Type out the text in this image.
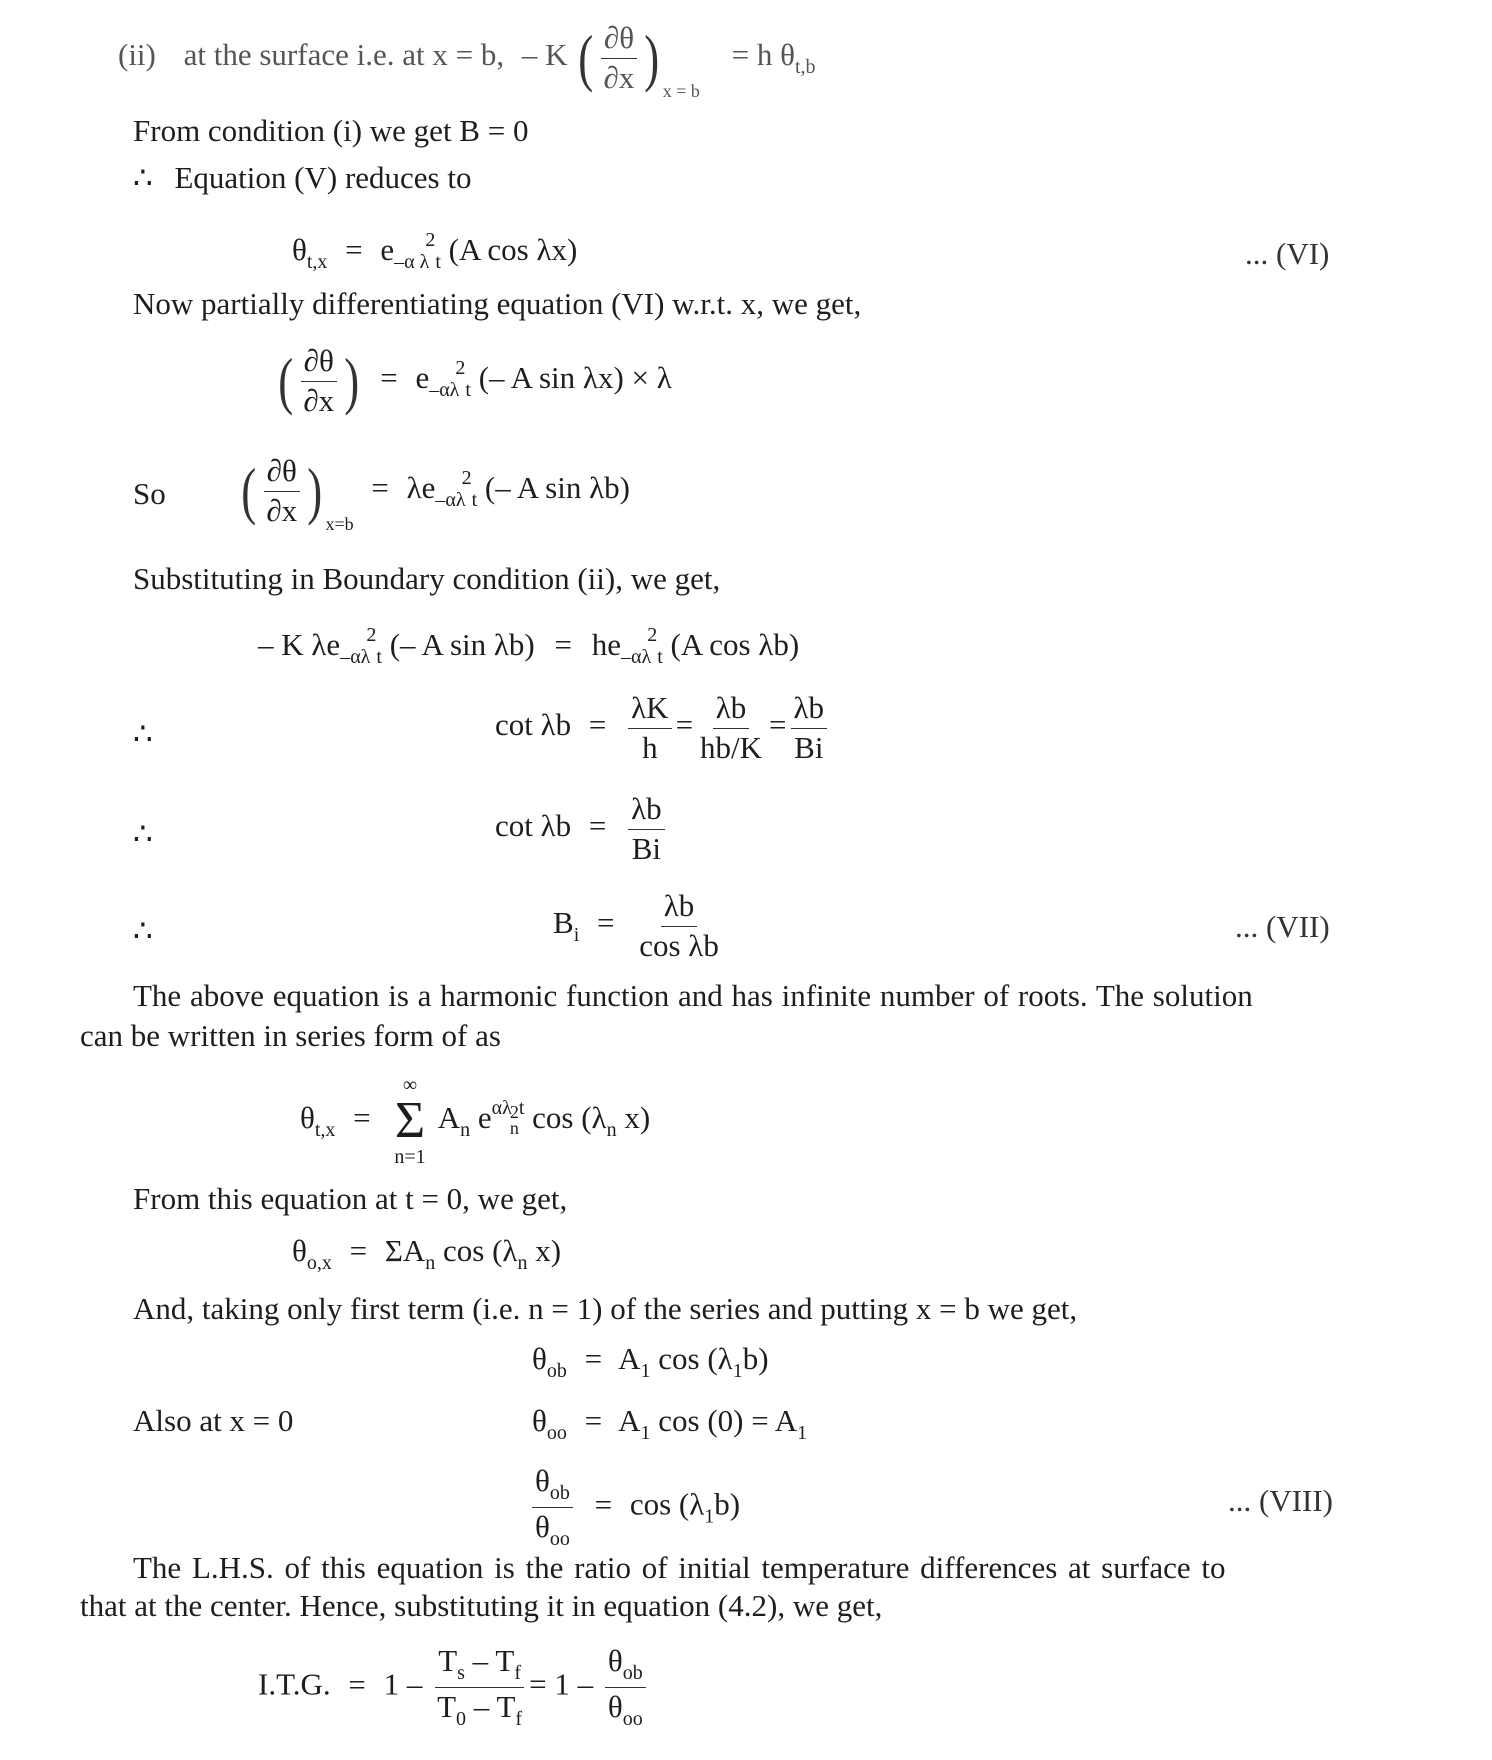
(ii) at the surface i.e. at x = b, – K ( $\frac{\partial\theta}{\partial x}$ ) $_{x = b}$ = h $\theta_{t,b}$
From condition (i) we get B = 0
∴ Equation (V) reduces to
$\theta_{t,x} = e_{-\alpha \lambda}^2_t$ (A cos λx)	... (VI)
Now partially differentiating equation (VI) w.r.t. x, we get,
( $\frac{\partial\theta}{\partial x}$ ) = $e_{-\alpha\lambda}^2_t$ (– A sin λx) × λ
So ( $\frac{\partial\theta}{\partial x}$ ) $_{x=b} = \lambda e_{-\alpha\lambda}^2_t$ (– A sin λb)
Substituting in Boundary condition (ii), we get,
– K $\lambda e_{-\alpha\lambda}^2_t$ (– A $\sin \lambda b) = he_{-\alpha\lambda}^2_t$ (A cos λb)
∴	$\cot \lambda b = \frac{\lambda K}{h} = \frac{\lambda b}{hb/K} = \frac{\lambda b}{Bi}$
∴	$\cot \lambda b = \frac{\lambda b}{Bi}$
∴	$B_i = \frac{\lambda b}{\text{cos λb}}$	... (VII)
The above equation is a harmonic function and has infinite number of roots. The solution
can be written in series form of as
$\theta_{t,x}$ =
∞
Σ
n=1
$A_n$ $e^{\alpha\lambda}$
2
n
$^t$ $\cos (\lambda_n$ x)
From this equation at t = 0, we get,
$\theta_{o,x} = \Sigma A_n$ $\cos (\lambda_n$ x)
And, taking only first term (i.e. n = 1) of the series and putting x = b we get,
$\theta_{ob} = A_1$ $\cos (\lambda_1b)$
Also at x = 0	$\theta_{oo} = A_1$ $\cos (0) = A_1$
$\frac{\theta_{ob}}{\theta_{oo}} = \cos (\lambda_1b)$	... (VIII)
The L.H.S. of this equation is the ratio of initial temperature differences at surface to
that at the center. Hence, substituting it in equation (4.2), we get,
I.T.G. = $1 - \frac{T_s - T_f}{T_0 - T_f} = 1 - \frac{\theta_{ob}}{\theta_{oo}}$
